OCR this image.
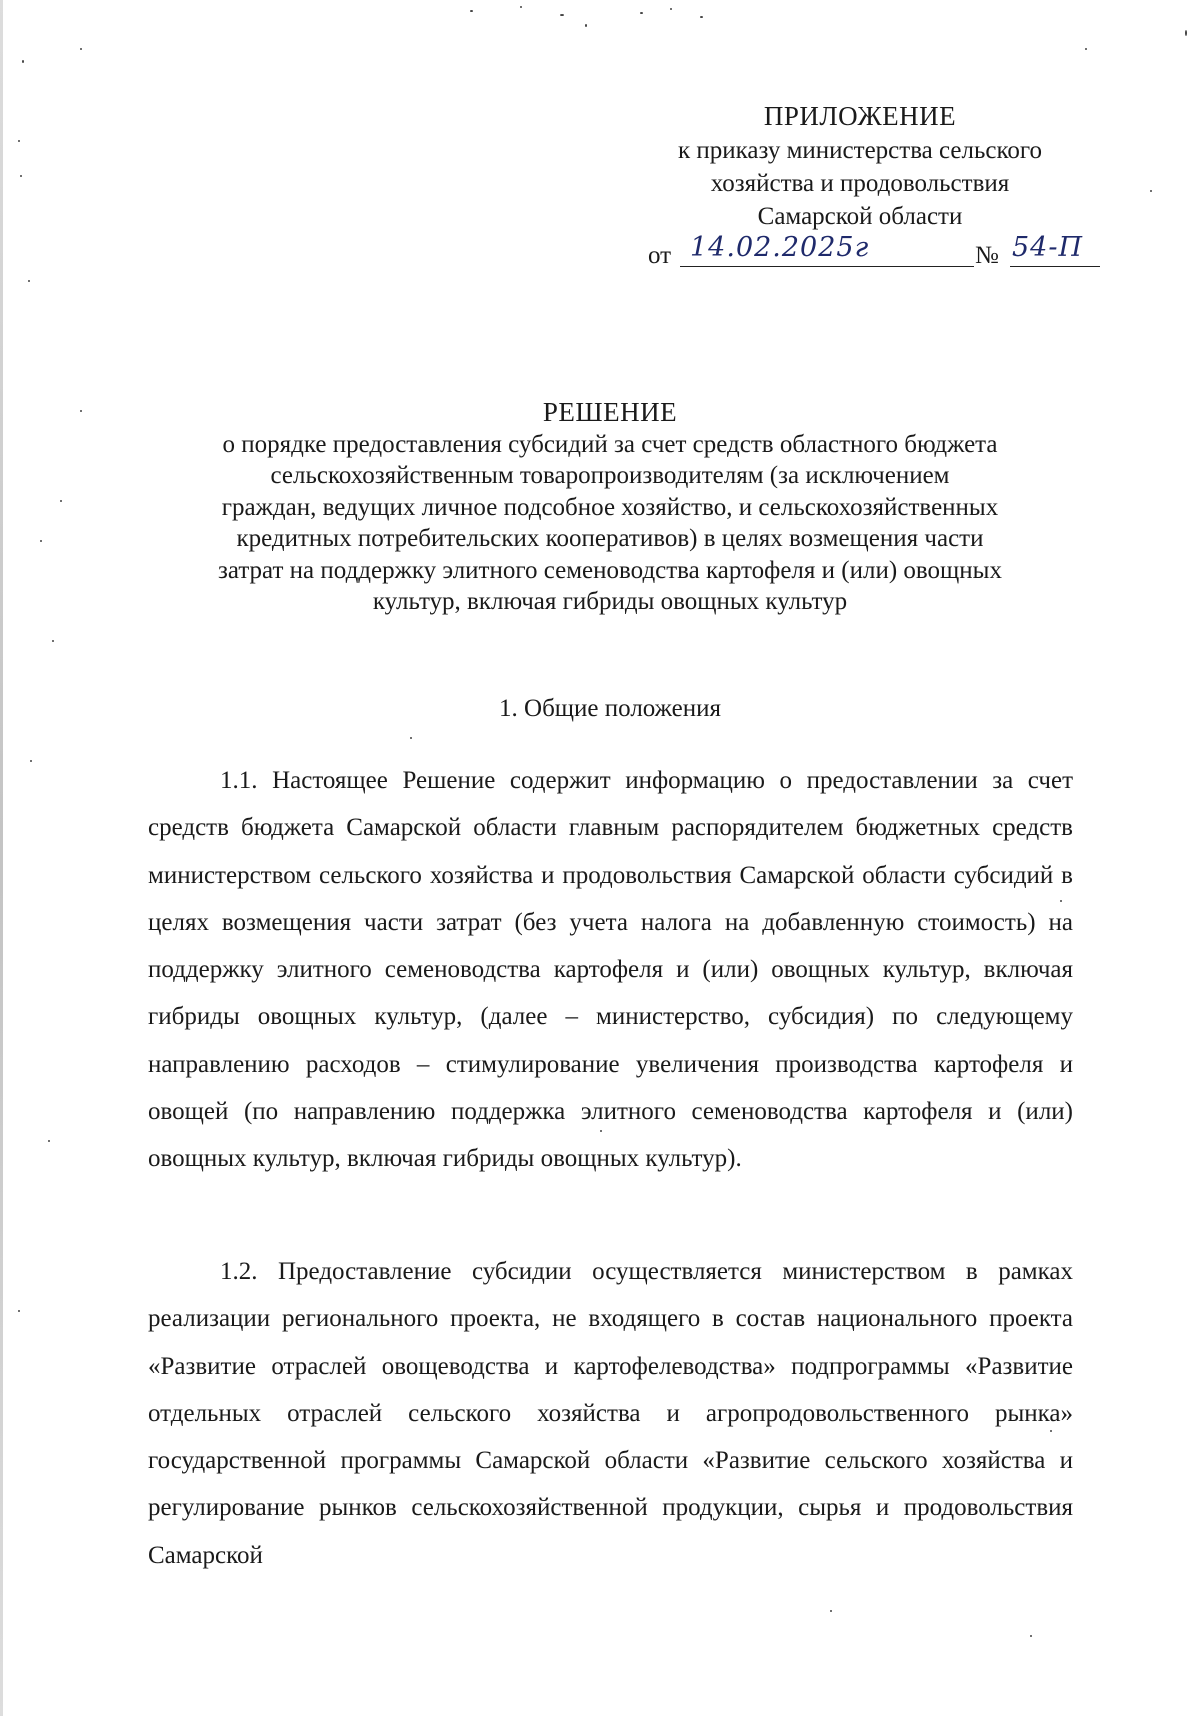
ПРИЛОЖЕНИЕ
к приказу министерства сельского
хозяйства и продовольствия
Самарской области
от 14.02.2025г	№ 54-П
РЕШЕНИЕ
о порядке предоставления субсидий за счет средств областного бюджета
сельскохозяйственным товаропроизводителям (за исключением
граждан, ведущих личное подсобное хозяйство, и сельскохозяйственных
кредитных потребительских кооперативов) в целях возмещения части
затрат на поддержку элитного семеноводства картофеля и (или) овощных
культур, включая гибриды овощных культур
1. Общие положения

1.1. Настоящее Решение содержит информацию о предоставлении за счет средств бюджета Самарской области главным распорядителем бюджетных средств министерством сельского хозяйства и продовольствия Самарской области субсидий в целях возмещения части затрат (без учета налога на добавленную стоимость) на поддержку элитного семеноводства картофеля и (или) овощных культур, включая гибриды овощных культур, (далее – министерство, субсидия) по следующему направлению расходов – стимулирование увеличения производства картофеля и овощей (по направлению поддержка элитного семеноводства картофеля и (или) овощных культур, включая гибриды овощных культур).

1.2. Предоставление субсидии осуществляется министерством в рамках реализации регионального проекта, не входящего в состав национального проекта «Развитие отраслей овощеводства и картофелеводства» подпрограммы «Развитие отдельных отраслей сельского хозяйства и агропродовольственного рынка» государственной программы Самарской области «Развитие сельского хозяйства и регулирование рынков сельскохозяйственной продукции, сырья и продовольствия Самарской
